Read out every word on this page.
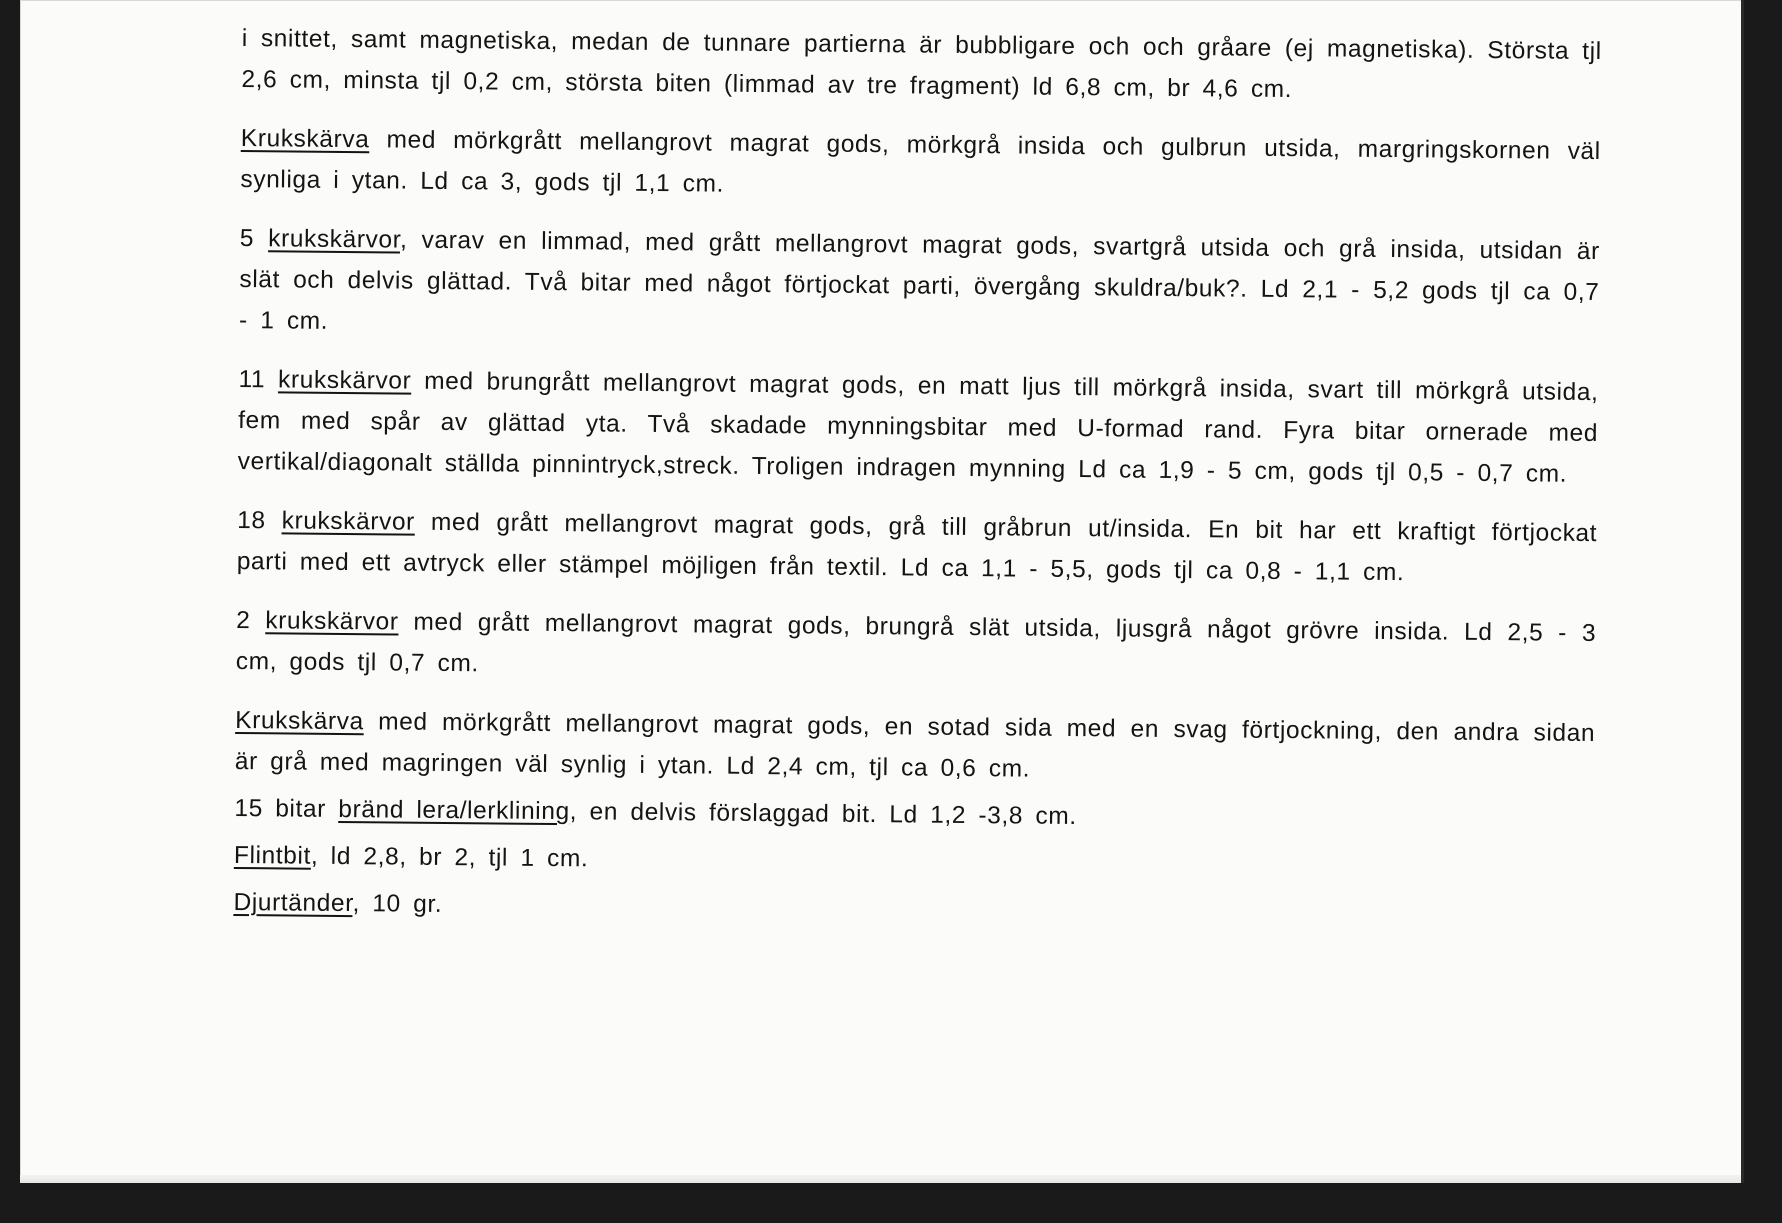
i snittet, samt magnetiska, medan de tunnare partierna är bubbligare och och gråare (ej magnetiska). Största tjl 2,6 cm, minsta tjl 0,2 cm, största biten (limmad av tre fragment) ld 6,8 cm, br 4,6 cm.

Krukskärva med mörkgrått mellangrovt magrat gods, mörkgrå insida och gulbrun utsida, margringskornen väl synliga i ytan. Ld ca 3, gods tjl 1,1 cm.

5 krukskärvor, varav en limmad, med grått mellangrovt magrat gods, svartgrå utsida och grå insida, utsidan är slät och delvis glättad. Två bitar med något förtjockat parti, övergång skuldra/buk?. Ld 2,1 - 5,2 gods tjl ca 0,7 - 1 cm.

11 krukskärvor med brungrått mellangrovt magrat gods, en matt ljus till mörkgrå insida, svart till mörkgrå utsida, fem med spår av glättad yta. Två skadade mynningsbitar med U-formad rand. Fyra bitar ornerade med vertikal/diagonalt ställda pinnintryck,streck. Troligen indragen mynning Ld ca 1,9 - 5 cm, gods tjl 0,5 - 0,7 cm.

18 krukskärvor med grått mellangrovt magrat gods, grå till gråbrun ut/insida. En bit har ett kraftigt förtjockat parti med ett avtryck eller stämpel möjligen från textil. Ld ca 1,1 - 5,5, gods tjl ca 0,8 - 1,1 cm.

2 krukskärvor med grått mellangrovt magrat gods, brungrå slät utsida, ljusgrå något grövre insida. Ld 2,5 - 3 cm, gods tjl 0,7 cm.

Krukskärva med mörkgrått mellangrovt magrat gods, en sotad sida med en svag förtjockning, den andra sidan är grå med magringen väl synlig i ytan. Ld 2,4 cm, tjl ca 0,6 cm.

15 bitar bränd lera/lerklining, en delvis förslaggad bit. Ld 1,2 -3,8 cm.

Flintbit, ld 2,8, br 2, tjl 1 cm.

Djurtänder, 10 gr.
